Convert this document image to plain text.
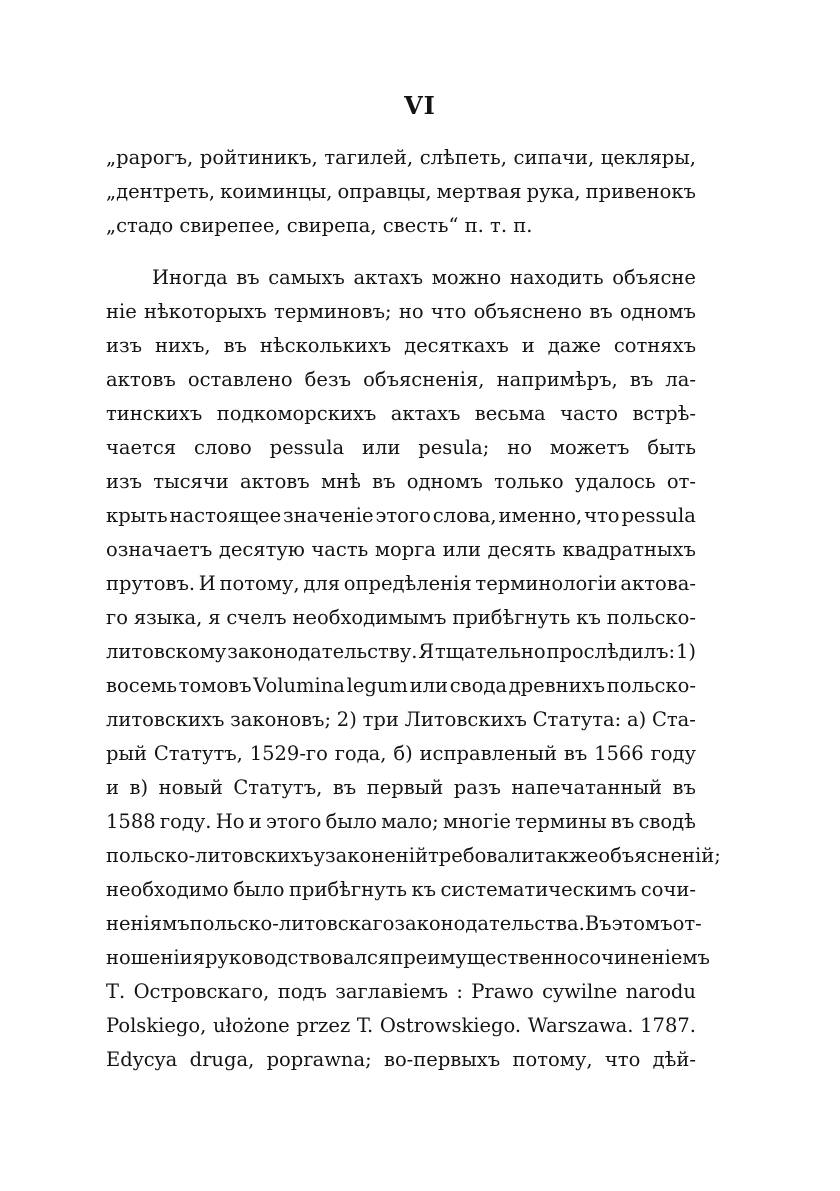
VI
„рарогъ, ройтиникъ, тагилей, слѣпеть, сипачи, цекляры,
„дентреть, коиминцы, оправцы, мертвая рука, привенокъ
„стадо свирепее, свирепа, свесть“ п. т. п.
Иногда въ самыхъ актахъ можно находить объясне
ніе нѣкоторыхъ терминовъ; но что объяснено въ одномъ
изъ нихъ, въ нѣсколькихъ десяткахъ и даже сотняхъ
актовъ оставлено безъ объясненія, напримѣръ, въ ла-
тинскихъ подкоморскихъ актахъ весьма часто встрѣ-
чается слово pessula или pesula; но можетъ быть
изъ тысячи актовъ мнѣ въ одномъ только удалось от-
крыть настоящее значеніе этого слова, именно, что pessula
означаетъ десятую часть морга или десять квадратныхъ
прутовъ. И потому, для опредѣленія терминологіи актова-
го языка, я счелъ необходимымъ прибѣгнуть къ польско-
литовскому законодательству. Я тщательно прослѣдилъ: 1)
восемь томовъ Volumina legum или свода древнихъ польско-
литовскихъ законовъ; 2) три Литовскихъ Статута: а) Ста-
рый Статутъ, 1529-го года, б) исправленый въ 1566 году
и в) новый Статутъ, въ первый разъ напечатанный въ
1588 году. Но и этого было мало; многіе термины въ сводѣ
польско-литовскихъ узаконеній требовали также объясненій;
необходимо было прибѣгнуть къ систематическимъ сочи-
неніямъ польско-литовскаго законодательства. Въ этомъ от-
ношеніи я руководствовался преимущественно сочиненіемъ
Т. Островскаго, подъ заглавіемъ : Prawo cywilne narodu
Polskiego, ułożone przez T. Ostrowskiego. Warszawa. 1787.
Edycya druga, poprawna; во-первыхъ потому, что дѣй-
